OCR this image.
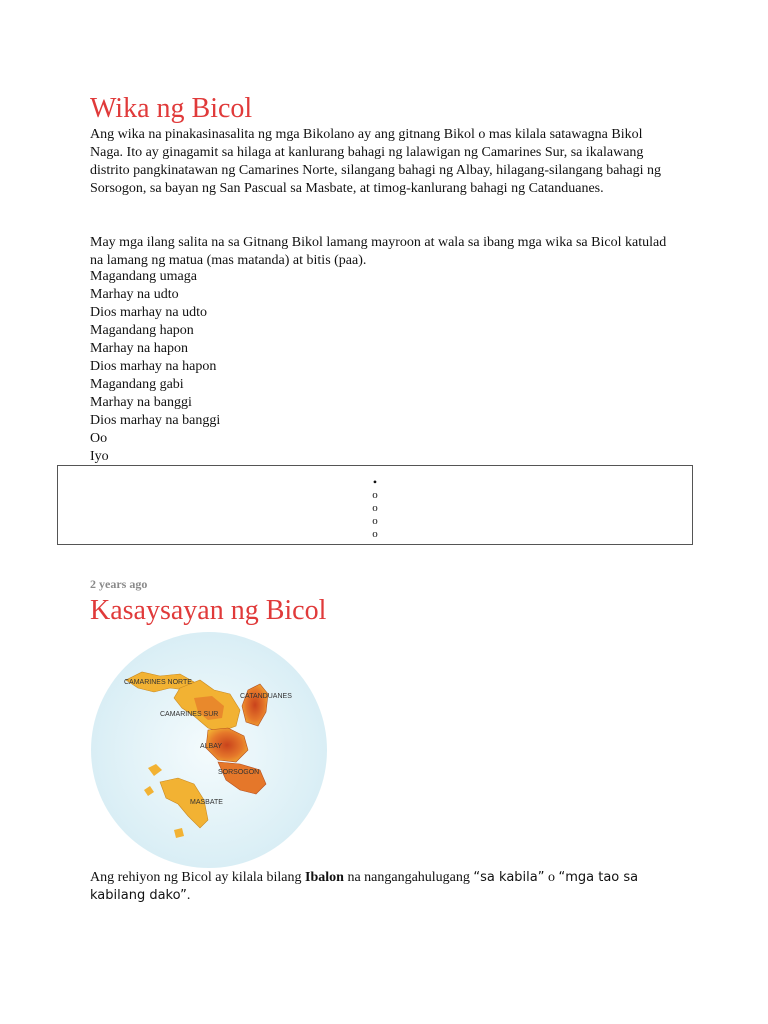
Wika ng Bicol

Ang wika na pinakasinasalita ng mga Bikolano ay ang gitnang Bikol o mas kilala satawagna Bikol Naga. Ito ay ginagamit sa hilaga at kanlurang bahagi ng lalawigan ng Camarines Sur, sa ikalawang distrito pangkinatawan ng Camarines Norte, silangang bahagi ng Albay, hilagang-silangang bahagi ng Sorsogon, sa bayan ng San Pascual sa Masbate, at timog-kanlurang bahagi ng Catanduanes.

May mga ilang salita na sa Gitnang Bikol lamang mayroon at wala sa ibang mga wika sa Bicol katulad na lamang ng matua (mas matanda) at bitis (paa).

Magandang umaga
Marhay na udto
Dios marhay na udto
Magandang hapon
Marhay na hapon
Dios marhay na hapon
Magandang gabi
Marhay na banggi
Dios marhay na banggi
Oo
Iyo
2 years ago
Kasaysayan ng Bicol
CAMARINES NORTE
CATANDUANES
CAMARINES SUR
ALBAY
SORSOGON
MASBATE

Ang rehiyon ng Bicol ay kilala bilang Ibalon na nangangahulugang “sa kabila” o “mga tao sa kabilang dako”.

•
o
o
o
o
